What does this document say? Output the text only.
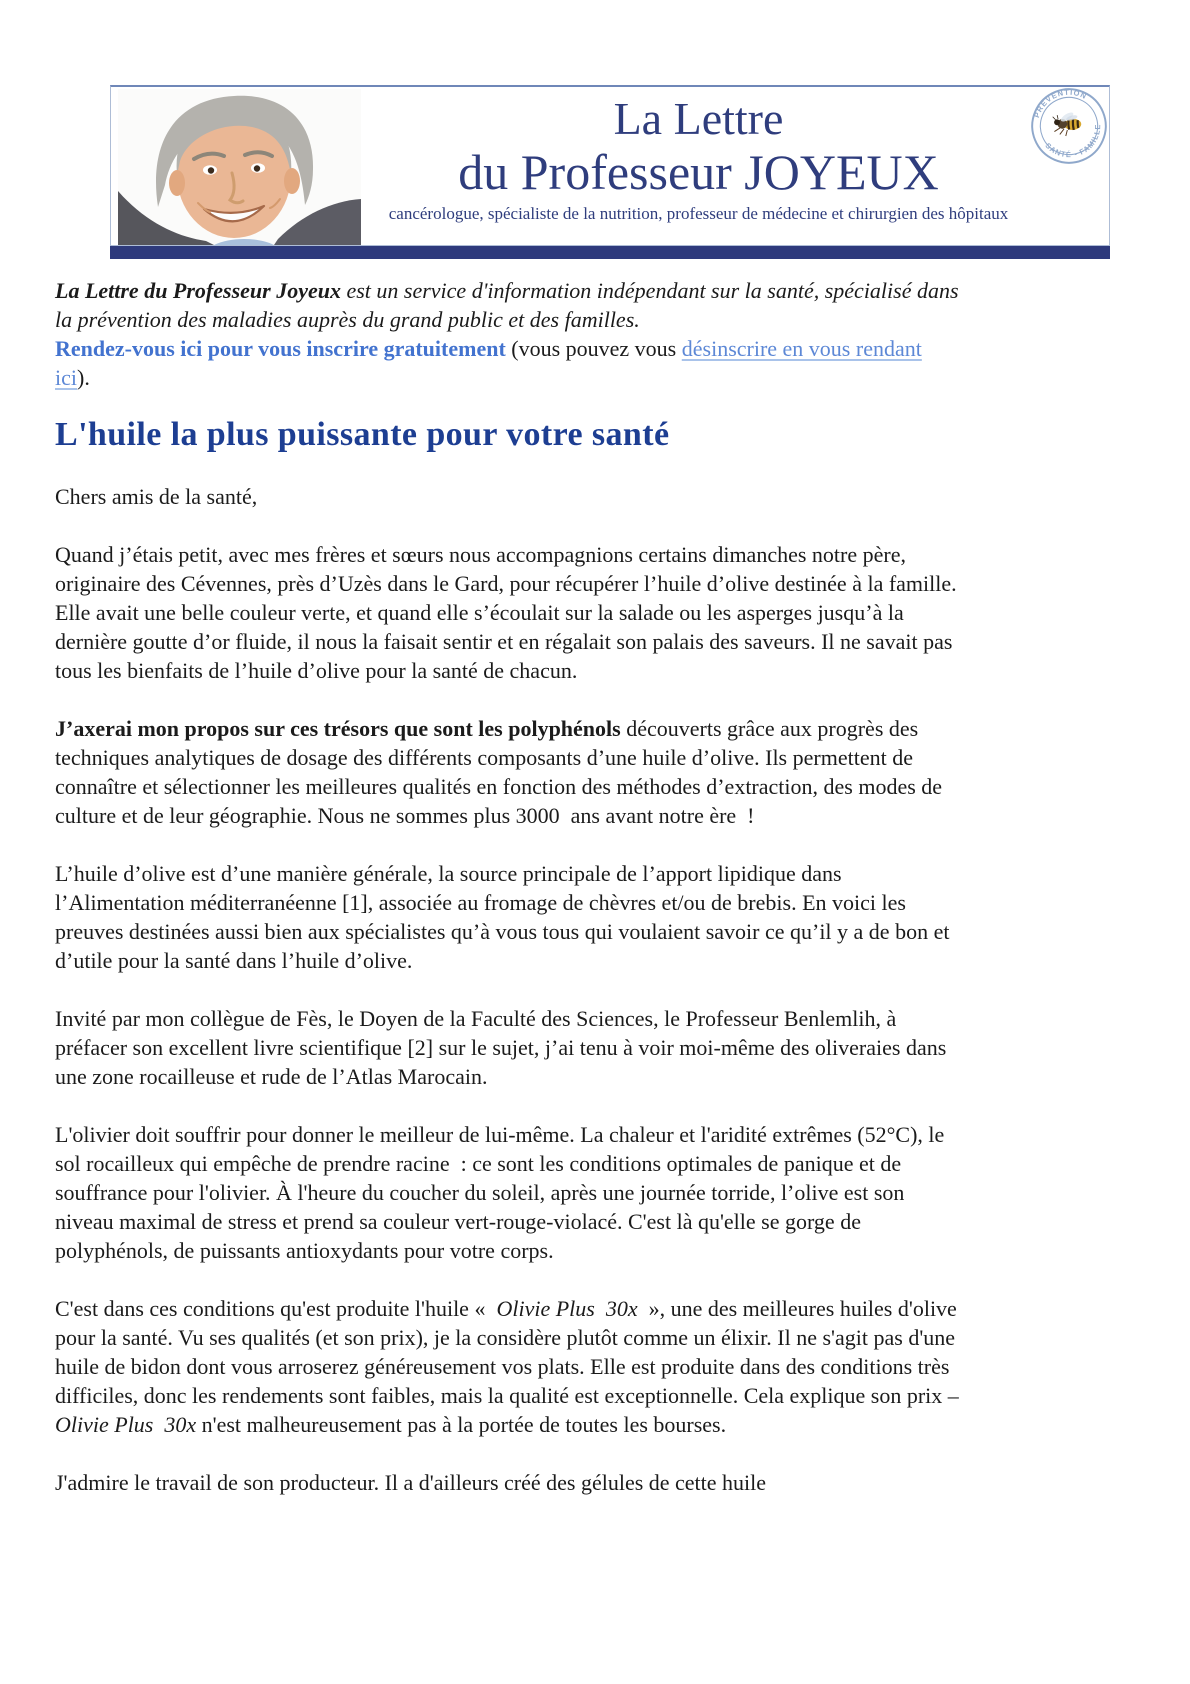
La Lettre
du Professeur JOYEUX
cancérologue, spécialiste de la nutrition, professeur de médecine et chirurgien des hôpitaux
PRÉVENTION
SANTÉ - FAMILLE

La Lettre du Professeur Joyeux est un service d'information indépendant sur la santé, spécialisé dans la prévention des maladies auprès du grand public et des familles.
Rendez-vous ici pour vous inscrire gratuitement (vous pouvez vous désinscrire en vous rendant ici).

L'huile la plus puissante pour votre santé

Chers amis de la santé,

Quand j’étais petit, avec mes frères et sœurs nous accompagnions certains dimanches notre père, originaire des Cévennes, près d’Uzès dans le Gard, pour récupérer l’huile d’olive destinée à la famille. Elle avait une belle couleur verte, et quand elle s’écoulait sur la salade ou les asperges jusqu’à la dernière goutte d’or fluide, il nous la faisait sentir et en régalait son palais des saveurs. Il ne savait pas tous les bienfaits de l’huile d’olive pour la santé de chacun.

J’axerai mon propos sur ces trésors que sont les polyphénols découverts grâce aux progrès des techniques analytiques de dosage des différents composants d’une huile d’olive. Ils permettent de connaître et sélectionner les meilleures qualités en fonction des méthodes d’extraction, des modes de culture et de leur géographie. Nous ne sommes plus 3000  ans avant notre ère  !

L’huile d’olive est d’une manière générale, la source principale de l’apport lipidique dans l’Alimentation méditerranéenne [1], associée au fromage de chèvres et/ou de brebis. En voici les preuves destinées aussi bien aux spécialistes qu’à vous tous qui voulaient savoir ce qu’il y a de bon et d’utile pour la santé dans l’huile d’olive.

Invité par mon collègue de Fès, le Doyen de la Faculté des Sciences, le Professeur Benlemlih, à préfacer son excellent livre scientifique [2] sur le sujet, j’ai tenu à voir moi-même des oliveraies dans une zone rocailleuse et rude de l’Atlas Marocain.

L'olivier doit souffrir pour donner le meilleur de lui-même. La chaleur et l'aridité extrêmes (52°C), le sol rocailleux qui empêche de prendre racine  : ce sont les conditions optimales de panique et de souffrance pour l'olivier. À l'heure du coucher du soleil, après une journée torride, l’olive est son niveau maximal de stress et prend sa couleur vert-rouge-violacé. C'est là qu'elle se gorge de polyphénols, de puissants antioxydants pour votre corps.

C'est dans ces conditions qu'est produite l'huile «  Olivie Plus  30x  », une des meilleures huiles d'olive pour la santé. Vu ses qualités (et son prix), je la considère plutôt comme un élixir. Il ne s'agit pas d'une huile de bidon dont vous arroserez généreusement vos plats. Elle est produite dans des conditions très difficiles, donc les rendements sont faibles, mais la qualité est exceptionnelle. Cela explique son prix – Olivie Plus  30x n'est malheureusement pas à la portée de toutes les bourses.

J'admire le travail de son producteur. Il a d'ailleurs créé des gélules de cette huile
